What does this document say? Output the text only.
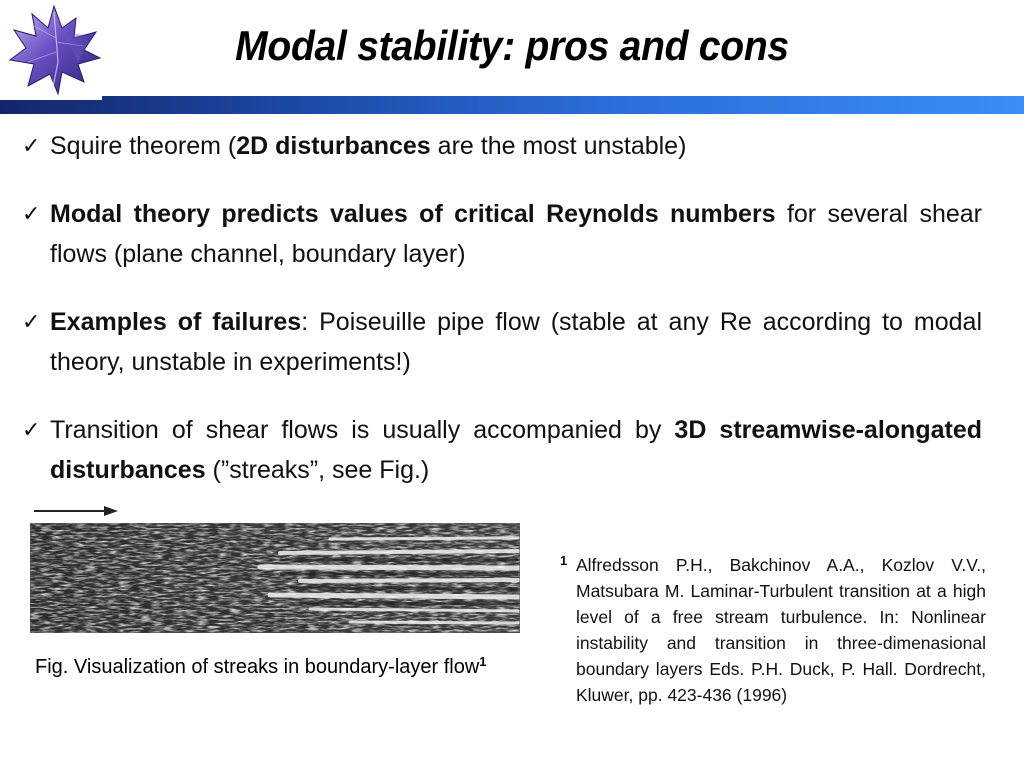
Modal stability: pros and cons
✓ Squire theorem (2D disturbances are the most unstable)
✓ Modal theory predicts values of critical Reynolds numbers for several shear flows (plane channel, boundary layer)
✓ Examples of failures: Poiseuille pipe flow (stable at any Re according to modal theory, unstable in experiments!)
✓ Transition of shear flows is usually accompanied by 3D streamwise-alongated disturbances (”streaks”, see Fig.)
Fig. Visualization of streaks in boundary-layer flow$^1$
1 Alfredsson P.H., Bakchinov A.A., Kozlov V.V., Matsubara M. Laminar-Turbulent transition at a high level of a free stream turbulence. In: Nonlinear instability and transition in three-dimenasional boundary layers Eds. P.H. Duck, P. Hall. Dordrecht, Kluwer, pp. 423-436 (1996)
